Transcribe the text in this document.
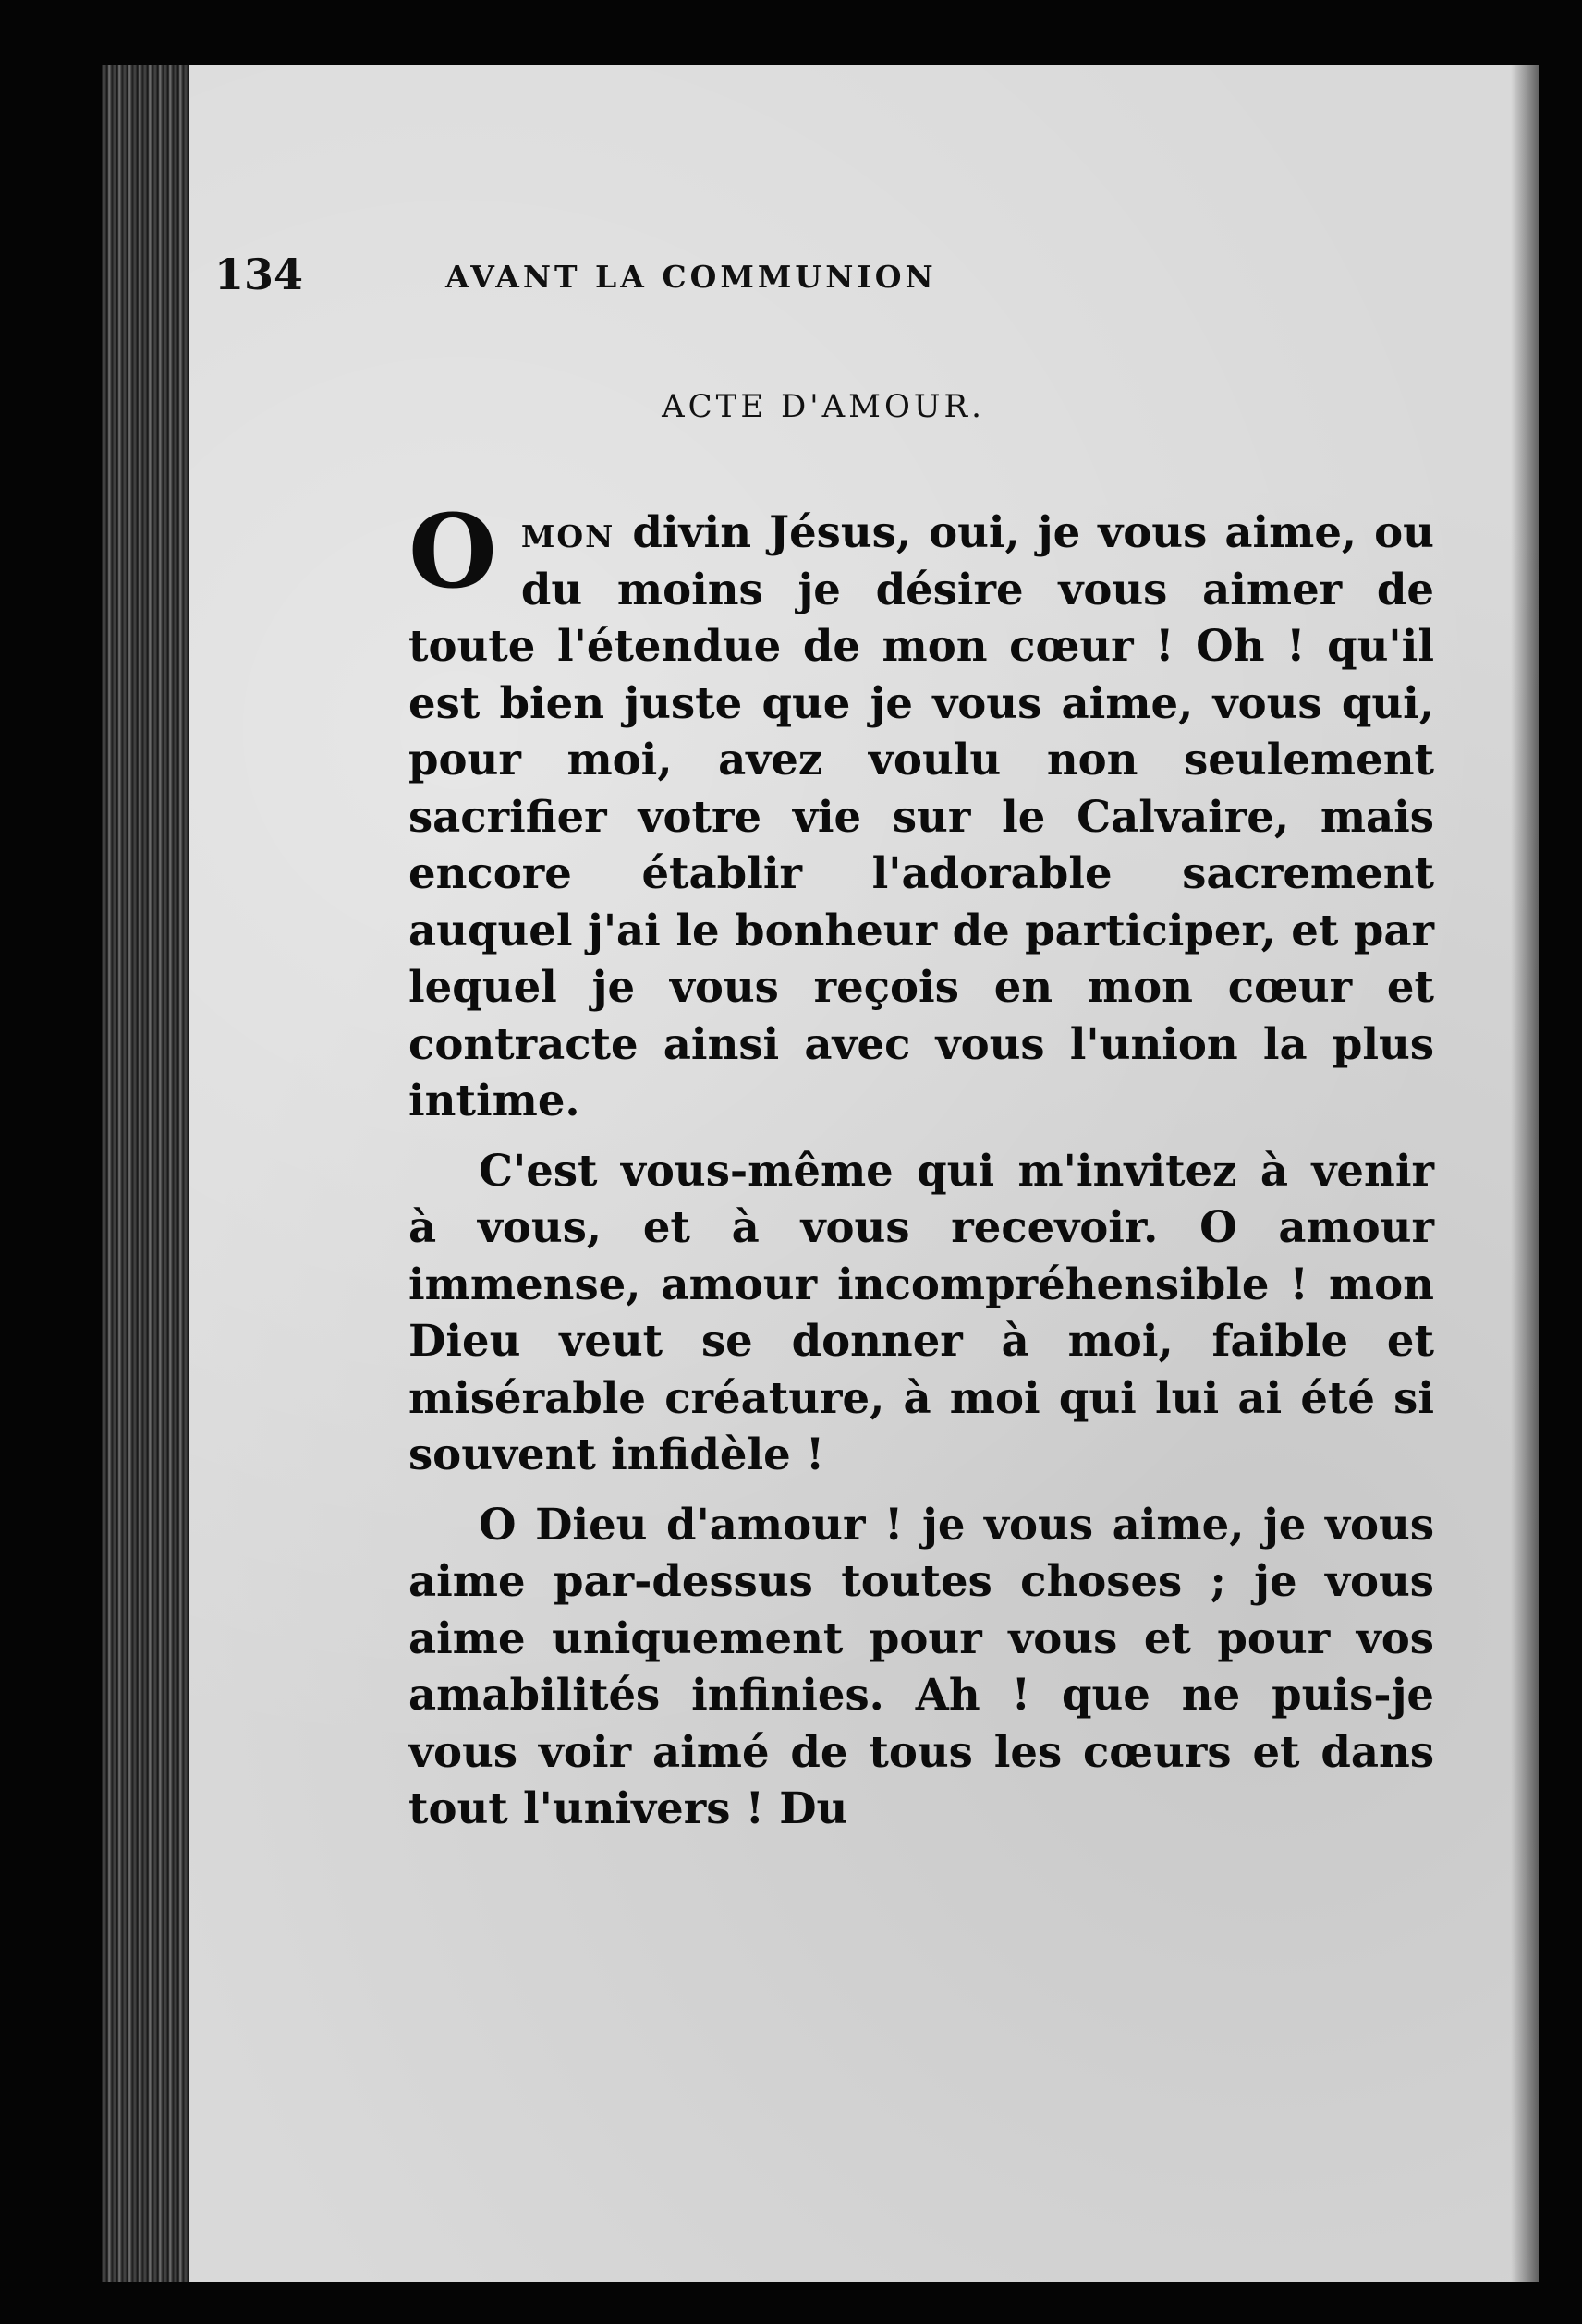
134	AVANT LA COMMUNION
ACTE D'AMOUR.

O mon divin Jésus, oui, je vous aime, ou du moins je désire vous aimer de toute l'étendue de mon cœur ! Oh ! qu'il est bien juste que je vous aime, vous qui, pour moi, avez voulu non seulement sacrifier votre vie sur le Calvaire, mais encore établir l'adorable sacrement auquel j'ai le bonheur de participer, et par lequel je vous reçois en mon cœur et contracte ainsi avec vous l'union la plus intime.

C'est vous-même qui m'invitez à venir à vous, et à vous recevoir. O amour immense, amour incompréhensible ! mon Dieu veut se donner à moi, faible et misérable créature, à moi qui lui ai été si souvent infidèle !

O Dieu d'amour ! je vous aime, je vous aime par-dessus toutes choses ; je vous aime uniquement pour vous et pour vos amabilités infinies. Ah ! que ne puis-je vous voir aimé de tous les cœurs et dans tout l'univers ! Du
